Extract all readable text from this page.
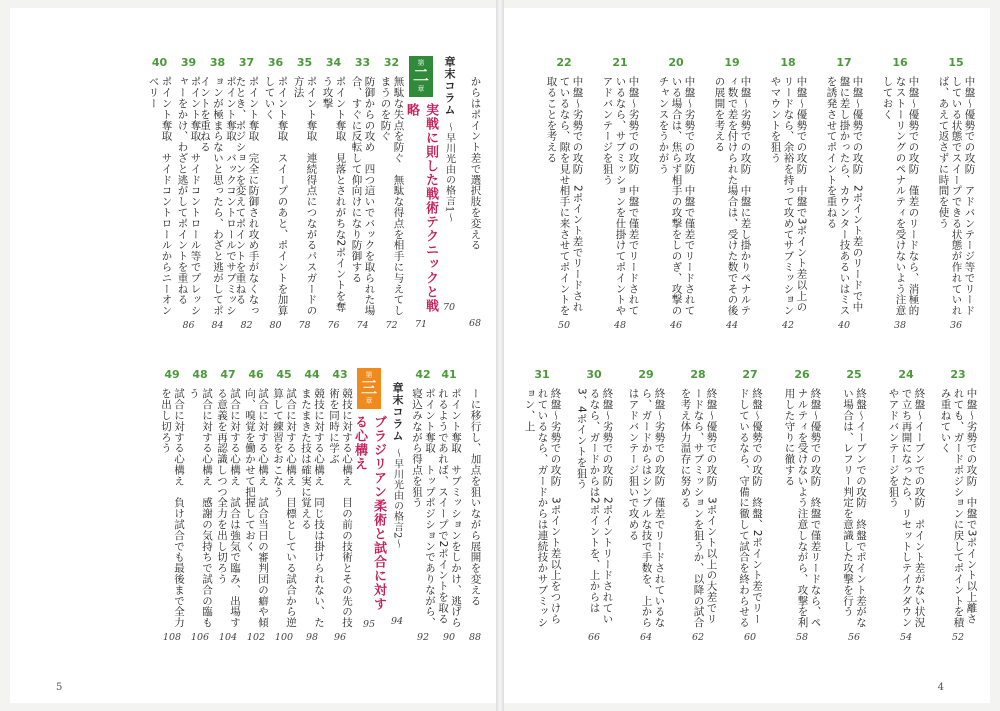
からはポイント差で選択肢を変える
68
章末コラム
〜早川光由の格言1〜
70
第
二
章
実戦に則した戦術テクニックと戦略
71
32
無駄な失点を防ぐ　無駄な得点を相手に与えてしまうのを防ぐ
72
33
防御からの攻め　四つ這いでバックを取られた場合、すぐに反転して仰向けになり防御する
74
34
ポイント奪取　見落とされがちな2ポイントを奪う攻撃
76
35
ポイント奪取　連続得点につながるパスガードの方法
78
36
ポイント奪取　スイープのあと、ポイントを加算していく
80
37
ポイント奪取　完全に防御され攻め手がなくなったとき、ポジションを変えてポイントを重ねる
82
38
ポイント奪取　バックコントロールでサブミッションが極まらないと思ったら、わざと逃がしてポイントを重ねる
84
39
ポイント奪取　サイドコントロール等でプレッシャーをかけ、わざと逃がしてポイントを重ねる
86
40
ポイント奪取　サイドコントロールからニーオンベリー
ーに移行し、加点を狙いながら展開を変える
88
41
ポイント奪取　サブミッションをしかけ、逃げられるようであれば、スイープで2ポイントを取る
90
42
ポイント奪取　トップポジションでありながら、寝込みながら得点を狙う
92
章末コラム
〜早川光由の格言2〜
94
第
三
章
ブラジリアン柔術と試合に対する心構え
95
43
競技に対する心構え　目の前の技術とその先の技術を同時に学ぶ
96
44
競技に対する心構え　同じ技は掛けられない、たまたまきた技は確実に覚える
98
45
試合に対する心構え　目標としている試合から逆算して練習をおこなう
100
46
試合に対する心構え　試合当日の審判団の癖や傾向、嗅覚を働かせて把握しておく
102
47
試合に対する心構え　試合は強気で臨み、出場する意義を再認識しつつ全力を出し切ろう
104
48
試合に対する心構え　感謝の気持ちで試合の臨もう
106
49
試合に対する心構え　負け試合でも最後まで全力を出し切ろう
108
5
15
中盤〜優勢での攻防　アドバンテージ等でリードしている状態でスイープできる状態が作れていれば、あえて返さずに時間を使う
36
16
中盤〜優勢での攻防　僅差のリードなら、消極的なストーリングのペナルティを受けないよう注意しておく
38
17
中盤〜優勢での攻防　2ポイント差のリードで中盤に差し掛かったら、カウンター技あるいはミスを誘発させてポイントを重ねる
40
18
中盤〜優勢での攻防　中盤で3ポイント差以上のリードなら、余裕を持って攻めてサブミッションやマウントを狙う
42
19
中盤〜劣勢での攻防　中盤に差し掛かりペナルティ数で差を付けられた場合は、受けた数でその後の展開を考える
44
20
中盤〜劣勢での攻防　中盤で僅差でリードされている場合は、焦らず相手の攻撃をしのぎ、攻撃のチャンスをうかがう
46
21
中盤〜劣勢での攻防　中盤で僅差でリードされているなら、サブミッションを仕掛けてポイントやアドバンテージを狙う
48
22
中盤〜劣勢での攻防　2ポイント差でリードされているなら、隙を見せ相手に来させてポイントを取ることを考える
50
23
中盤〜劣勢での攻防　中盤で3ポイント以上離されても、ガードポジションに戻してポイントを積み重ねていく
52
24
終盤〜イーブンでの攻防　ポイント差がない状況で立ち再開になったら、リセットしテイクダウンやアドバンテージを狙う
54
25
終盤〜イーブンでの攻防　終盤でポイント差がない場合は、レフリー判定を意識した攻撃を行う
56
26
終盤〜優勢での攻防　終盤で僅差リードなら、ペナルティを受けないよう注意しながら、攻撃を利用した守りに徹する
58
27
終盤〜優勢での攻防　終盤、2ポイント差でリードしているなら、守備に徹して試合を終わらせる
60
28
終盤〜優勢での攻防　3ポイント以上の大差でリードなら、サブミッションを狙うか、以降の試合を考え体力温存に努める
62
29
終盤〜劣勢での攻防　僅差でリードされているなら、ガードからはシンプルな技で手数を、上からはアドバンテージ狙いで攻める
64
30
終盤〜劣勢での攻防　2ポイントリードされているなら、ガードからは2ポイントを、上からは3、4ポイントを狙う
66
31
終盤〜劣勢での攻防　3ポイント差以上をつけられているなら、ガードからは連続技かサブミッション、上
4
